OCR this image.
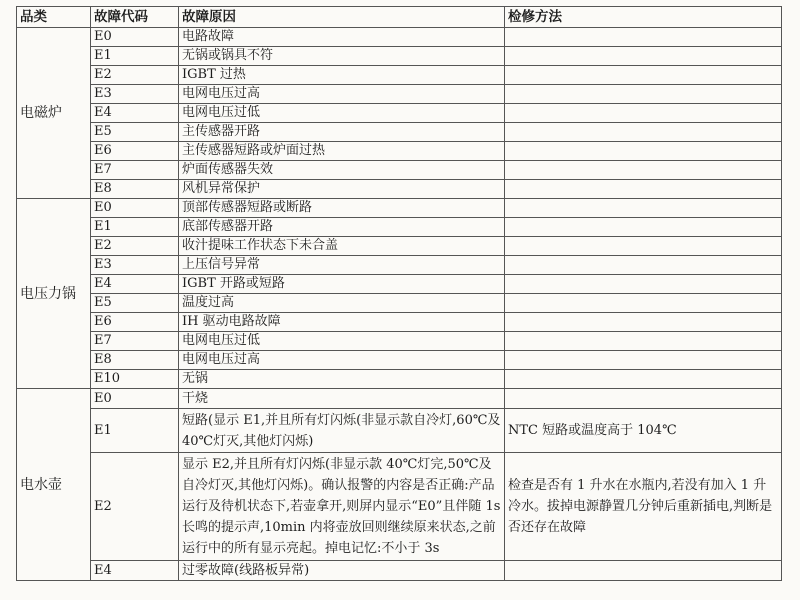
品类	故障代码	故障原因	检修方法
电磁炉	E0	电路故障	
	E1	无锅或锅具不符	
	E2	IGBT 过热	
	E3	电网电压过高	
	E4	电网电压过低	
	E5	主传感器开路	
	E6	主传感器短路或炉面过热	
	E7	炉面传感器失效	
	E8	风机异常保护	
电压力锅	E0	顶部传感器短路或断路	
	E1	底部传感器开路	
	E2	收汁提味工作状态下未合盖	
	E3	上压信号异常	
	E4	IGBT 开路或短路	
	E5	温度过高	
	E6	IH 驱动电路故障	
	E7	电网电压过低	
	E8	电网电压过高	
	E10	无锅	
电水壶	E0	干烧	
	E1	短路(显示 E1,并且所有灯闪烁(非显示款自冷灯,60℃及40℃灯灭,其他灯闪烁)	NTC 短路或温度高于 104℃
	E2	显示 E2,并且所有灯闪烁(非显示款 40℃灯完,50℃及自冷灯灭,其他灯闪烁)。确认报警的内容是否正确:产品运行及待机状态下,若壶拿开,则屏内显示“E0”且伴随 1s 长鸣的提示声,10min 内将壶放回则继续原来状态,之前运行中的所有显示亮起。掉电记忆:不小于 3s	检查是否有 1 升水在水瓶内,若没有加入 1 升冷水。拔掉电源静置几分钟后重新插电,判断是否还存在故障
	E4	过零故障(线路板异常)	
